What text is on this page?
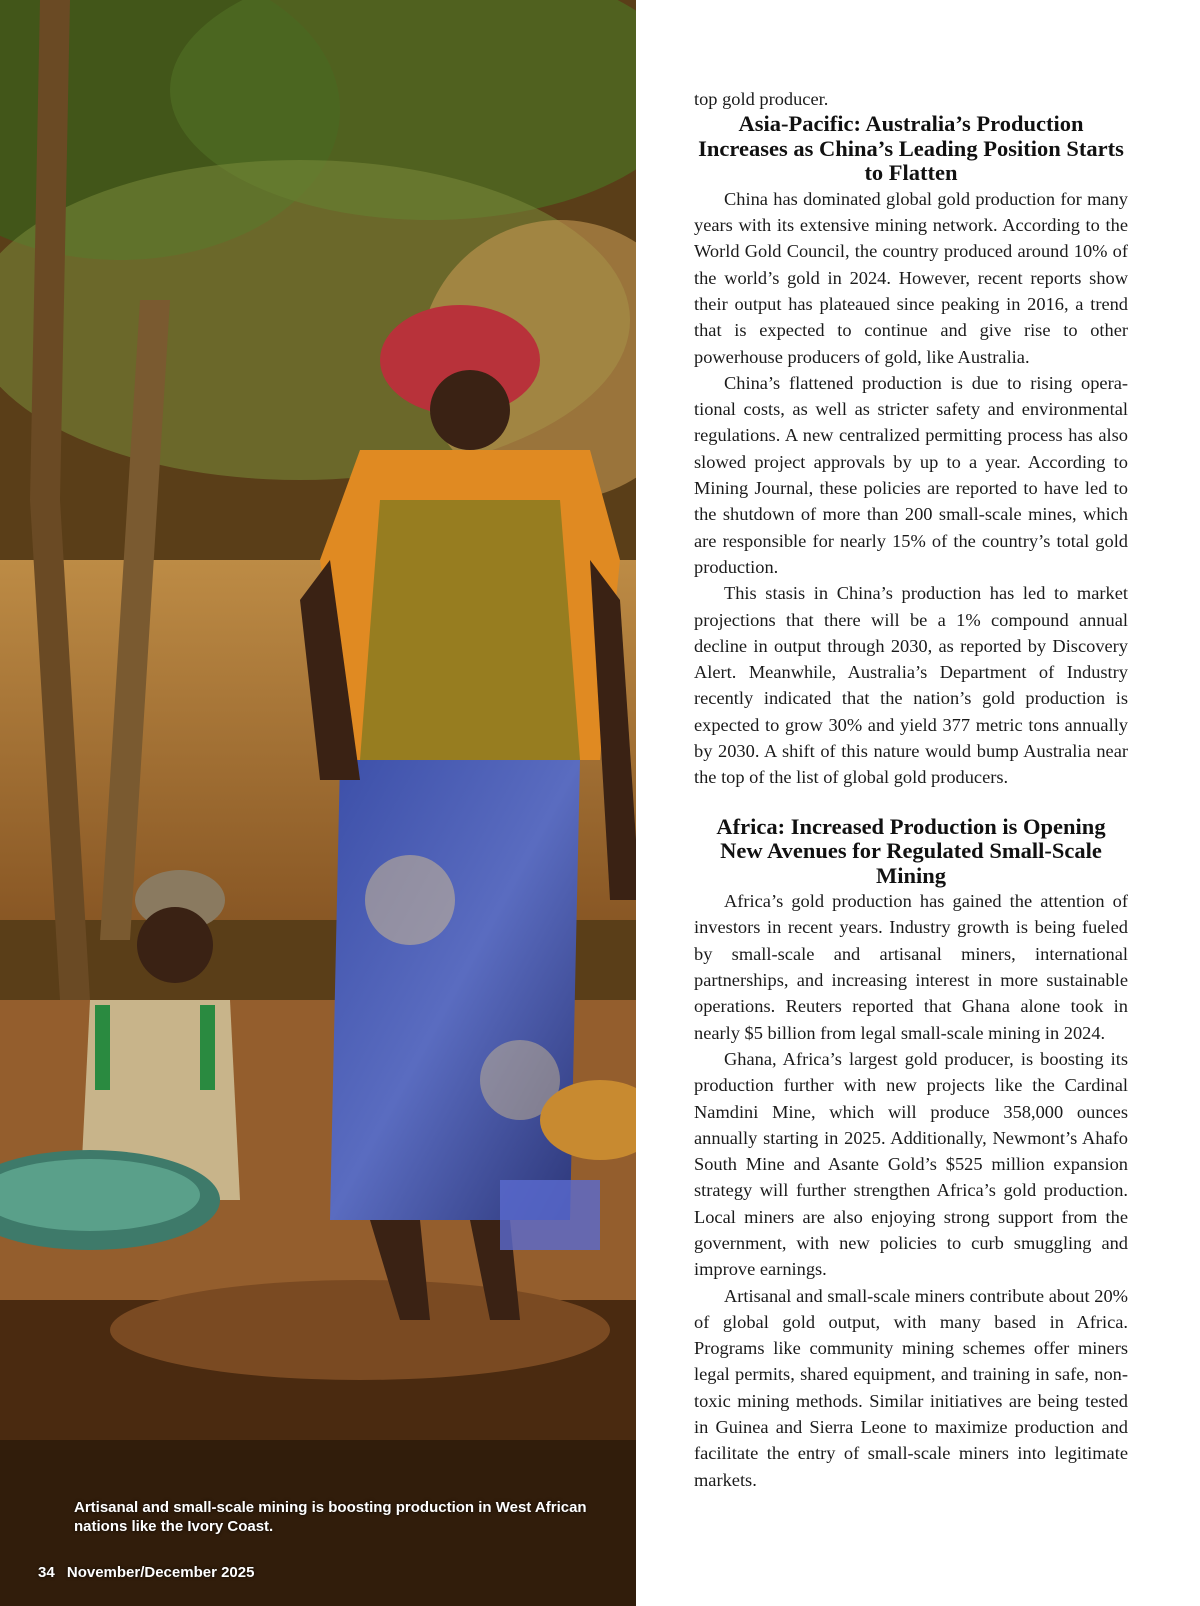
Artisanal and small-scale mining is boosting production in West African nations like the Ivory Coast.

34 November/December 2025

top gold producer.

Asia-Pacific: Australia’s Production Increases as China’s Leading Position Starts to Flatten

China has dominated global gold production for many years with its extensive mining network. According to the World Gold Council, the country produced around 10% of the world’s gold in 2024. However, recent reports show their output has plateaued since peaking in 2016, a trend that is expected to continue and give rise to other powerhouse producers of gold, like Australia.

China’s flattened production is due to rising operational costs, as well as stricter safety and environmental regulations. A new centralized permitting process has also slowed project approvals by up to a year. According to Mining Journal, these policies are reported to have led to the shutdown of more than 200 small-scale mines, which are responsible for nearly 15% of the country’s total gold production.

This stasis in China’s production has led to market projections that there will be a 1% compound annual decline in output through 2030, as reported by Discovery Alert. Meanwhile, Australia’s Department of Industry recently indicated that the nation’s gold production is expected to grow 30% and yield 377 metric tons annually by 2030. A shift of this nature would bump Australia near the top of the list of global gold producers.

Africa: Increased Production is Opening New Avenues for Regulated Small-Scale Mining

Africa’s gold production has gained the attention of investors in recent years. Industry growth is being fueled by small-scale and artisanal miners, international partnerships, and increasing interest in more sustainable operations. Reuters reported that Ghana alone took in nearly $5 billion from legal small-scale mining in 2024.

Ghana, Africa’s largest gold producer, is boosting its production further with new projects like the Cardinal Namdini Mine, which will produce 358,000 ounces annually starting in 2025. Additionally, Newmont’s Ahafo South Mine and Asante Gold’s $525 million expansion strategy will further strengthen Africa’s gold production. Local miners are also enjoying strong support from the government, with new policies to curb smuggling and improve earnings.

Artisanal and small-scale miners contribute about 20% of global gold output, with many based in Africa. Programs like community mining schemes offer miners legal permits, shared equipment, and training in safe, non-toxic mining methods. Similar initiatives are being tested in Guinea and Sierra Leone to maximize production and facilitate the entry of small-scale miners into legitimate markets.
